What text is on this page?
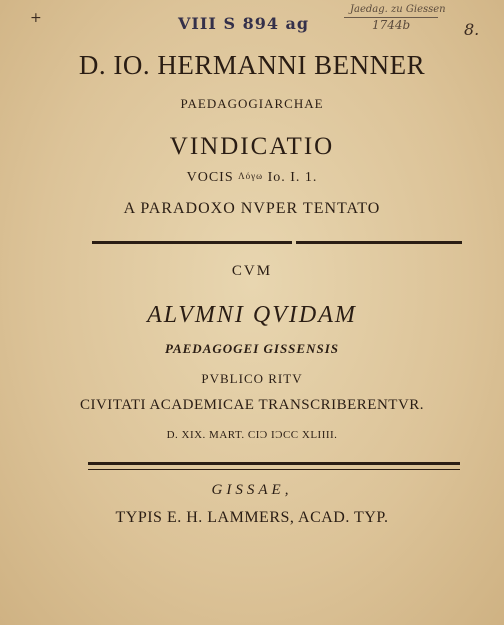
+	VIII S 894 ag
Jaedag. zu Giessen
1744b	8.
D. IO. HERMANNI BENNER
PAEDAGOGIARCHAE
VINDICATIO
VOCIS Λόγω Io. I. 1.
A PARADOXO NVPER TENTATO
CVM
ALVMNI QVIDAM
PAEDAGOGEI GISSENSIS
PVBLICO RITV
CIVITATI ACADEMICAE TRANSCRIBERENTVR.
D. XIX. MART. CIƆ IƆCC XLIIII.
GISSAE,
TYPIS E. H. LAMMERS, ACAD. TYP.
